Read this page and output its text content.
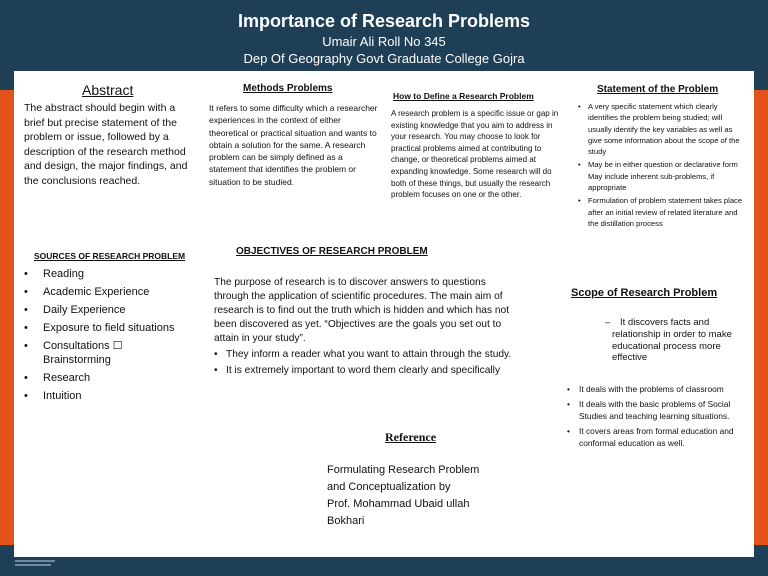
Importance of Research Problems
Umair Ali Roll No 345
Dep Of Geography Govt Graduate College Gojra
Abstract
The abstract should begin with a brief but precise statement of the problem or issue, followed by a description of the research method and design, the major findings, and the conclusions reached.
Methods Problems
It refers to some difficulty which a researcher experiences in the context of either theoretical or practical situation and wants to obtain a solution for the same. A research problem can be simply defined as a statement that identifies the problem or situation to be studied.
How to Define a Research Problem
A research problem is a specific issue or gap in existing knowledge that you aim to address in your research. You may choose to look for practical problems aimed at contributing to change, or theoretical problems aimed at expanding knowledge. Some research will do both of these things, but usually the research problem focuses on one or the other.
Statement of the Problem
• A very specific statement which clearly identifies the problem being studied; will usually identify the key variables as well as give some information about the scope of the study
• May be in either question or declarative form May include inherent sub-problems, if appropriate
• Formulation of problem statement takes place after an initial review of related literature and the distillation process
SOURCES OF RESEARCH PROBLEM
• Reading
• Academic Experience
• Daily Experience
• Exposure to field situations
• Consultations ☐ Brainstorming
• Research
• Intuition
OBJECTIVES OF RESEARCH PROBLEM
The purpose of research is to discover answers to questions through the application of scientific procedures. The main aim of research is to find out the truth which is hidden and which has not been discovered as yet. “Objectives are the goals you set out to attain in your study”.
• They inform a reader what you want to attain through the study.
• It is extremely important to word them clearly and specifically
Reference
Formulating Research Problem
and Conceptualization by
Prof. Mohammad Ubaid ullah
Bokhari
Scope of Research Problem
– It discovers facts and relationship in order to make educational process more effective
• It deals with the problems of classroom
• It deals with the basic problems of Social Studies and teaching learning situations.
• It covers areas from formal education and conformal education as well.
